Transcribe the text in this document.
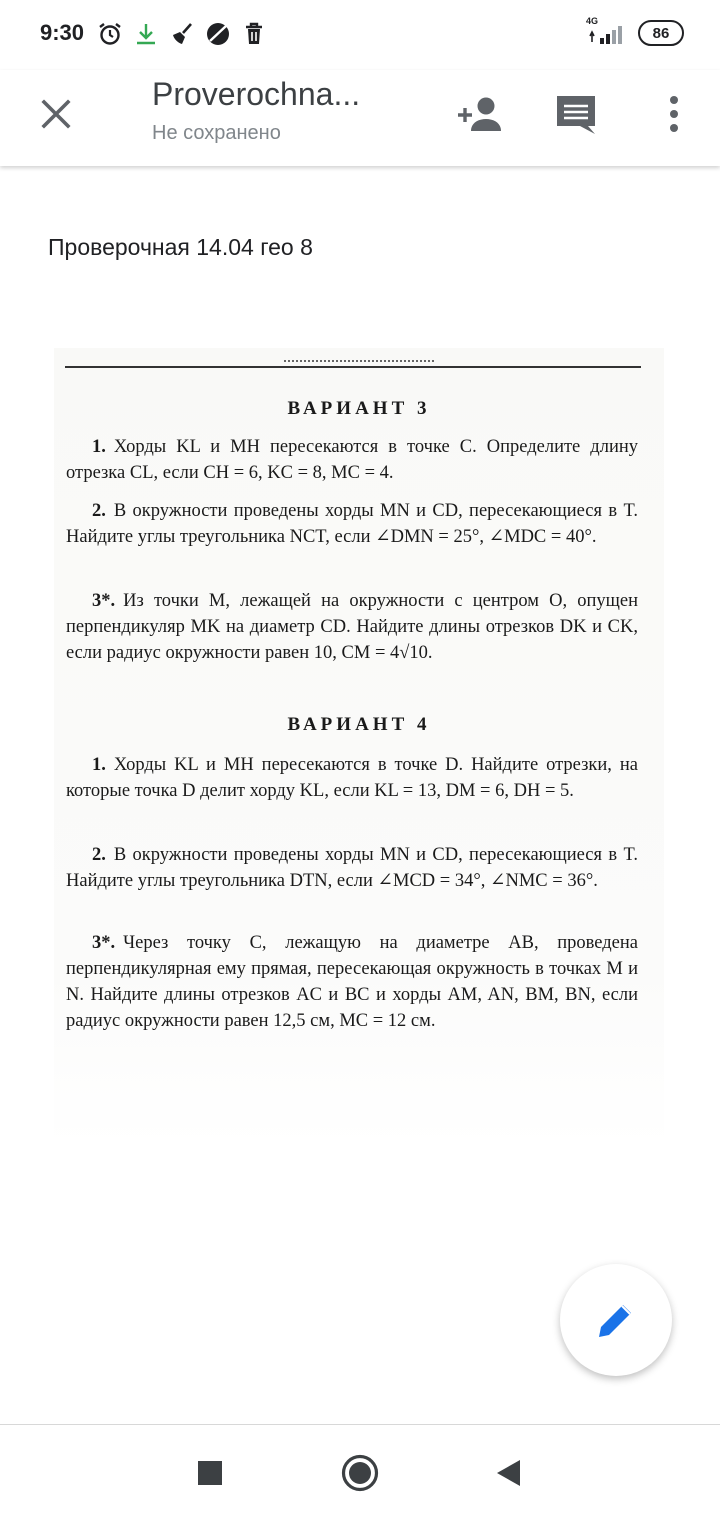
9:30	4G
86
Proverochna...
Не сохранено
Проверочная 14.04 гео 8
ВАРИАНТ 3

1. Хорды KL и MH пересекаются в точке C. Определите длину отрезка CL, если CH = 6, KC = 8, MC = 4.

2. В окружности проведены хорды MN и CD, пересекающиеся в T. Найдите углы треугольника NCT, если ∠DMN = 25°, ∠MDC = 40°.

3*. Из точки M, лежащей на окружности с центром O, опущен перпендикуляр MK на диаметр CD. Найдите длины отрезков DK и CK, если радиус окружности равен 10, CM = 4√10.

ВАРИАНТ 4

1. Хорды KL и MH пересекаются в точке D. Найдите отрезки, на которые точка D делит хорду KL, если KL = 13, DM = 6, DH = 5.

2. В окружности проведены хорды MN и CD, пересекающиеся в T. Найдите углы треугольника DTN, если ∠MCD = 34°, ∠NMC = 36°.

3*. Через точку C, лежащую на диаметре AB, проведена перпендикулярная ему прямая, пересекающая окружность в точках M и N. Найдите длины отрезков AC и BC и хорды AM, AN, BM, BN, если радиус окружности равен 12,5 см, MC = 12 см.
